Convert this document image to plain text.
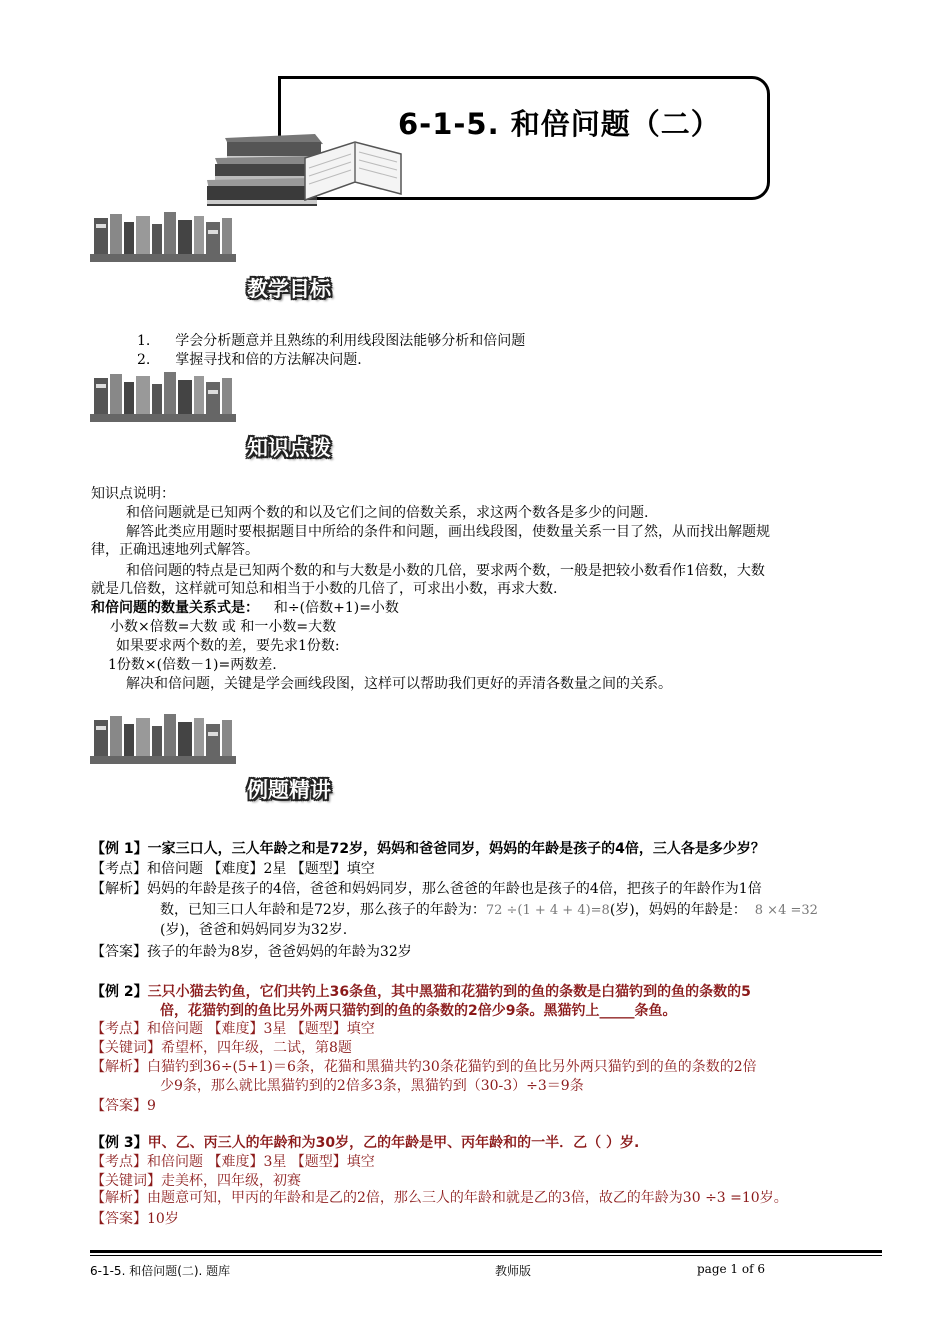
6-1-5. 和倍问题（二）
教学目标
1. 学会分析题意并且熟练的利用线段图法能够分析和倍问题
2. 掌握寻找和倍的方法解决问题.
知识点拨
知识点说明：
和倍问题就是已知两个数的和以及它们之间的倍数关系，求这两个数各是多少的问题.
解答此类应用题时要根据题目中所给的条件和问题，画出线段图，使数量关系一目了然，从而找出解题规
律，正确迅速地列式解答。
和倍问题的特点是已知两个数的和与大数是小数的几倍，要求两个数，一般是把较小数看作1倍数，大数
就是几倍数，这样就可知总和相当于小数的几倍了，可求出小数，再求大数.
和倍问题的数量关系式是： 和÷(倍数+1)=小数
小数×倍数=大数 或 和一小数=大数
如果要求两个数的差，要先求1份数:
1份数×(倍数－1)=两数差.
解决和倍问题，关键是学会画线段图，这样可以帮助我们更好的弄清各数量之间的关系。
例题精讲
【例 1】一家三口人，三人年龄之和是72岁，妈妈和爸爸同岁，妈妈的年龄是孩子的4倍，三人各是多少岁？
【考点】和倍问题 【难度】2星 【题型】填空
【解析】妈妈的年龄是孩子的4倍，爸爸和妈妈同岁，那么爸爸的年龄也是孩子的4倍，把孩子的年龄作为1倍
数，已知三口人年龄和是72岁，那么孩子的年龄为：72 ÷(1 + 4 + 4)=8(岁)，妈妈的年龄是： 8 ×4 =32
(岁)，爸爸和妈妈同岁为32岁.
【答案】孩子的年龄为8岁，爸爸妈妈的年龄为32岁
【例 2】三只小猫去钓鱼，它们共钓上36条鱼，其中黑猫和花猫钓到的鱼的条数是白猫钓到的鱼的条数的5
倍，花猫钓到的鱼比另外两只猫钓到的鱼的条数的2倍少9条。黑猫钓上_____条鱼。
【考点】和倍问题 【难度】3星 【题型】填空
【关键词】希望杯，四年级，二试，第8题
【解析】白猫钓到36÷(5+1)＝6条，花猫和黑猫共钓30条花猫钓到的鱼比另外两只猫钓到的鱼的条数的2倍
少9条，那么就比黑猫钓到的2倍多3条，黑猫钓到（30-3）÷3＝9条
【答案】9
【例 3】甲、乙、丙三人的年龄和为30岁，乙的年龄是甲、丙年龄和的一半．乙（ ）岁.
【考点】和倍问题 【难度】3星 【题型】填空
【关键词】走美杯，四年级，初赛
【解析】由题意可知，甲丙的年龄和是乙的2倍，那么三人的年龄和就是乙的3倍，故乙的年龄为30 ÷3 =10岁。
【答案】10岁
6-1-5. 和倍问题(二). 题库	教师版	page 1 of 6
